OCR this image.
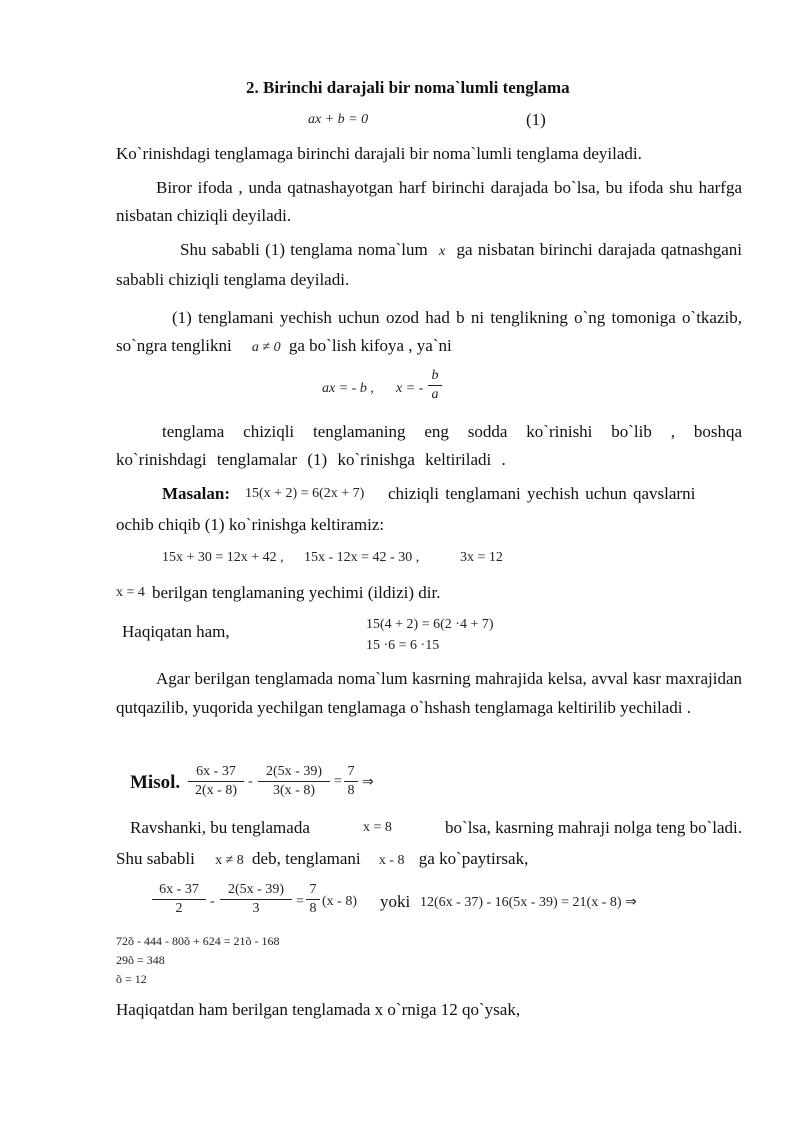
2. Birinchi darajali bir noma`lumli tenglama
ax + b = 0	(1)
Ko`rinishdagi tenglamaga birinchi darajali bir noma`lumli tenglama deyiladi.
Biror ifoda , unda qatnashayotgan harf birinchi darajada bo`lsa, bu ifoda shu harfga nisbatan chiziqli deyiladi.
Shu sababli (1) tenglama noma`lum x ga nisbatan birinchi darajada qatnashgani sababli chiziqli tenglama deyiladi.
(1) tenglamani yechish uchun ozod had b ni tenglikning o`ng tomoniga o`tkazib, so`ngra tenglikni a ≠ 0 ga bo`lish kifoya , ya`ni
ax = - b , x = - $\frac{b}{a}$
tenglama chiziqli tenglamaning eng sodda ko`rinishi bo`lib , boshqa ko`rinishdagi tenglamalar (1) ko`rinishga keltiriladi .
Masalan: 15(x + 2) = 6(2x + 7) chiziqli tenglamani yechish uchun qavslarni
ochib chiqib (1) ko`rinishga keltiramiz:
15x + 30 = 12x + 42 , 15x - 12x = 42 - 30 ,	3x = 12
x = 4 berilgan tenglamaning yechimi (ildizi) dir.
Haqiqatan ham,	15(4 + 2) = 6(2 ·4 + 7)
15 ·6 = 6 ·15
Agar berilgan tenglamada noma`lum kasrning mahrajida kelsa, avval kasr maxrajidan qutqazilib, yuqorida yechilgan tenglamaga o`hshash tenglamaga keltirilib yechiladi .
Misol. $\frac{6x - 37}{2(x - 8)} - \frac{2(5x - 39)}{3(x - 8)} = \frac{7}{8}$ ⇒
Ravshanki, bu tenglamada	x = 8	bo`lsa, kasrning mahraji nolga teng bo`ladi.
Shu sababli x ≠ 8 deb, tenglamani x - 8 ga ko`paytirsak,
$\frac{6x - 37}{2} - \frac{2(5x - 39)}{3} = \frac{7}{8} (x - 8)$ yoki 12(6x - 37) - 16(5x - 39) = 21(x - 8) ⇒
72õ - 444 - 80õ + 624 = 21õ - 168
29õ = 348
õ = 12
Haqiqatdan ham berilgan tenglamada x o`rniga 12 qo`ysak,
